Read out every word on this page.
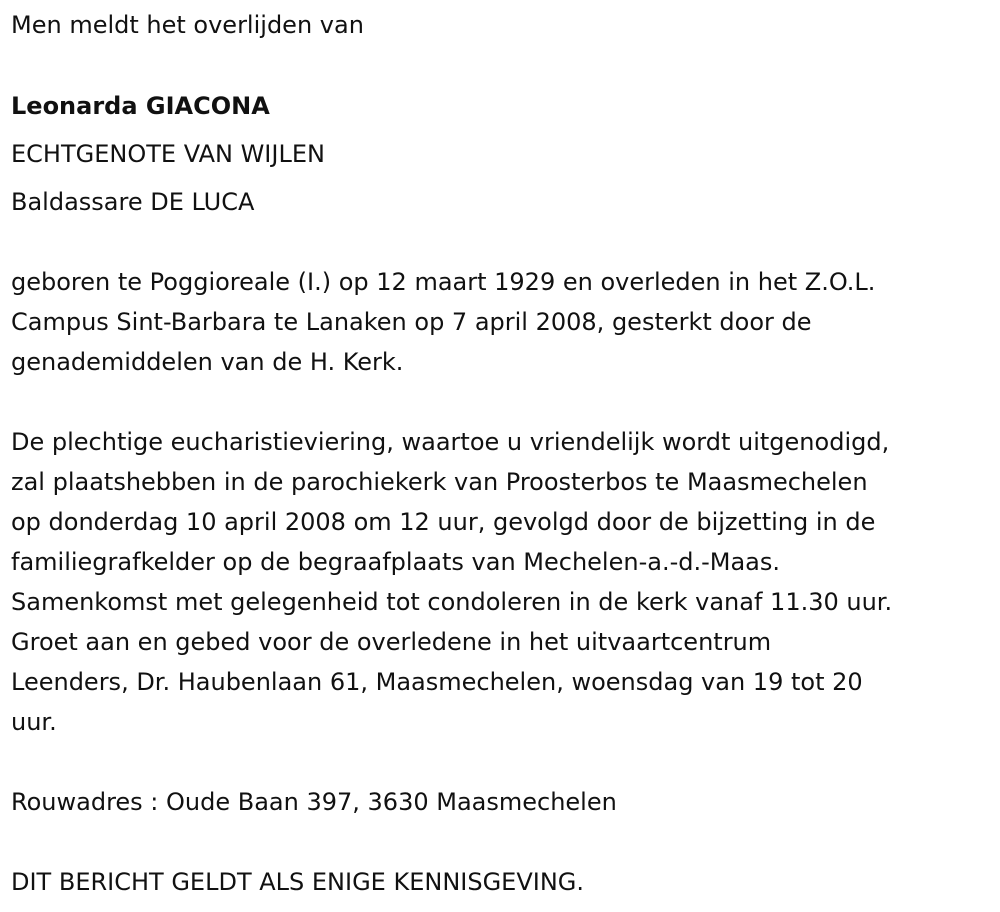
Men meldt het overlijden van
Leonarda GIACONA
ECHTGENOTE VAN WIJLEN
Baldassare DE LUCA
geboren te Poggioreale (I.) op 12 maart 1929 en overleden in het Z.O.L.
Campus Sint-Barbara te Lanaken op 7 april 2008, gesterkt door de
genademiddelen van de H. Kerk.
De plechtige eucharistieviering, waartoe u vriendelijk wordt uitgenodigd,
zal plaatshebben in de parochiekerk van Proosterbos te Maasmechelen
op donderdag 10 april 2008 om 12 uur, gevolgd door de bijzetting in de
familiegrafkelder op de begraafplaats van Mechelen-a.-d.-Maas.
Samenkomst met gelegenheid tot condoleren in de kerk vanaf 11.30 uur.
Groet aan en gebed voor de overledene in het uitvaartcentrum
Leenders, Dr. Haubenlaan 61, Maasmechelen, woensdag van 19 tot 20
uur.
Rouwadres : Oude Baan 397, 3630 Maasmechelen
DIT BERICHT GELDT ALS ENIGE KENNISGEVING.
